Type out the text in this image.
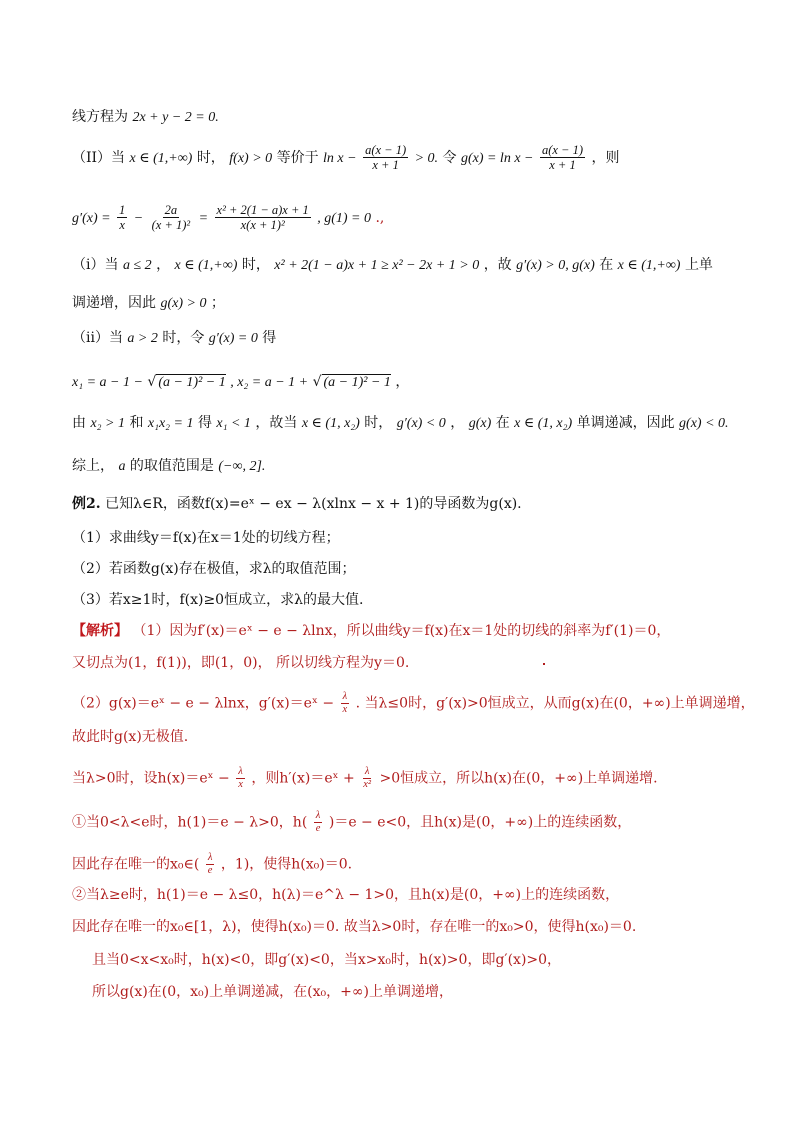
线方程为 2x + y − 2 = 0.
（II）当 x ∈ (1,+∞) 时， f(x) > 0 等价于 $\ln x - \frac{a(x - 1)}{x + 1} > 0$. 令 $g(x) = \ln x - \frac{a(x - 1)}{x + 1}$ ，则
$g'(x) = \frac{1}{x} - \frac{2a}{\text{(x + 1)²}} = \frac{\text{x² + 2(1 − a)x + 1}}{\text{x(x + 1)²}}$ , g(1) = 0 .,
（i）当 a ≤ 2 ， x ∈ (1,+∞) 时， x² + 2(1 − a)x + 1 ≥ x² − 2x + 1 > 0 ，故 g′(x) > 0, g(x) 在 x ∈ (1,+∞) 上单
调递增，因此 g(x) > 0 ；
（ii）当 a > 2 时，令 g′(x) = 0 得
x₁ = a − 1 − √ (a − 1)² − 1 , x₂ = a − 1 + √ (a − 1)² − 1 ，
由 x₂ > 1 和 x₁x₂ = 1 得 x₁ < 1 ，故当 x ∈ (1, x₂) 时， g′(x) < 0 ， g(x) 在 x ∈ (1, x₂) 单调递减，因此 g(x) < 0.
综上， a 的取值范围是 (−∞, 2].
例2. 已知λ∈R，函数f(x)=eˣ − ex − λ(xlnx − x + 1)的导函数为g(x).
（1）求曲线y＝f(x)在x＝1处的切线方程；
（2）若函数g(x)存在极值，求λ的取值范围；
（3）若x≥1时，f(x)≥0恒成立，求λ的最大值.
【解析】 （1）因为f′(x)＝eˣ − e − λlnx，所以曲线y＝f(x)在x＝1处的切线的斜率为f′(1)＝0，
又切点为(1，f(1))，即(1，0)， 所以切线方程为y＝0.
（2）g(x)＝eˣ − e − λlnx，g′(x)＝eˣ − $\frac{\lambda}{x}$ . 当λ≤0时，g′(x)>0恒成立，从而g(x)在(0，+∞)上单调递增，
故此时g(x)无极值.
当λ>0时，设h(x)＝eˣ − $\frac{\lambda}{x}$ ，则h′(x)＝eˣ + $\frac{\lambda}{\text{x²}} >0$恒成立，所以h(x)在(0，+∞)上单调递增.
①当0<λ<e时，h(1)＝e − λ>0，$h( \frac{\lambda}{e} )=e - e<0$，且h(x)是(0，+∞)上的连续函数，
因此存在唯一的x₀∈( $\frac{\lambda}{e}$ ，1)，使得h(x₀)＝0.
②当λ≥e时，h(1)＝e − λ≤0，h(λ)＝e^λ − 1>0，且h(x)是(0，+∞)上的连续函数，
因此存在唯一的x₀∈[1，λ)，使得h(x₀)＝0. 故当λ>0时，存在唯一的x₀>0，使得h(x₀)＝0.
且当0<x<x₀时，h(x)<0，即g′(x)<0，当x>x₀时，h(x)>0，即g′(x)>0，
所以g(x)在(0，x₀)上单调递减，在(x₀，+∞)上单调递增，
